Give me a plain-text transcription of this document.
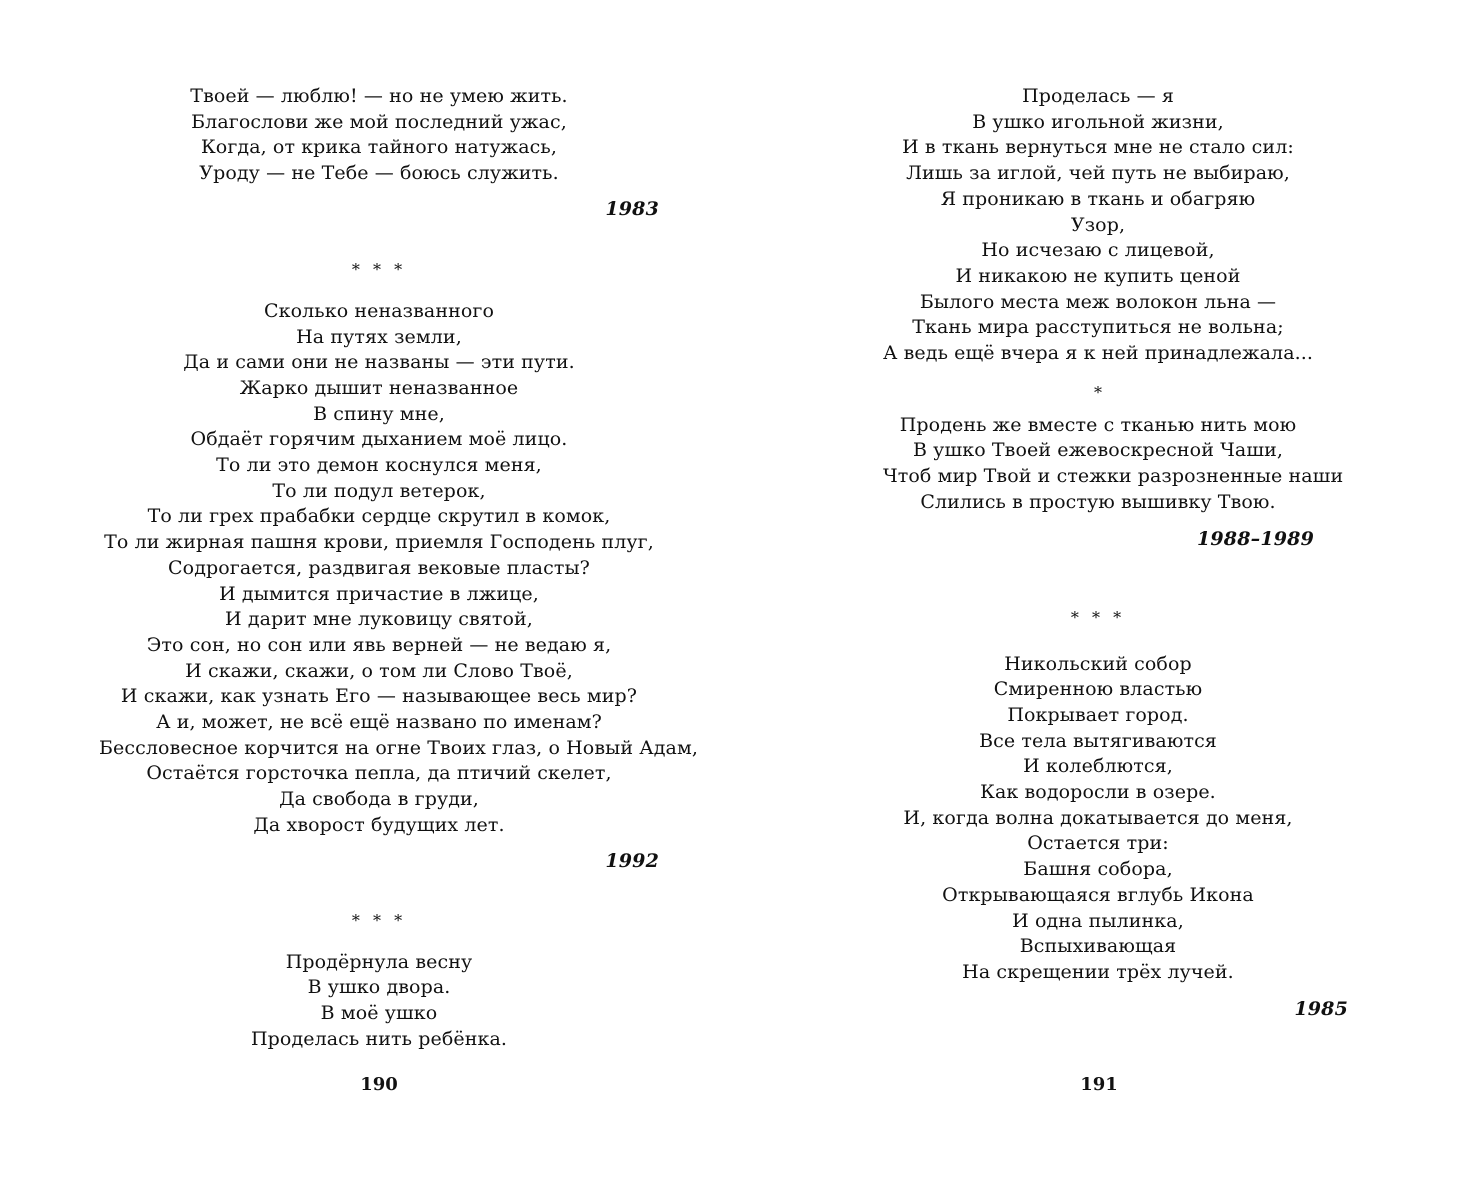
Твоей — люблю! — но не умею жить.
Благослови же мой последний ужас,
Когда, от крика тайного натужась,
Уроду — не Тебе — боюсь служить.
1983
* * *
Сколько неназванного
На путях земли,
Да и сами они не названы — эти пути.
Жарко дышит неназванное
В спину мне,
Обдаёт горячим дыханием моё лицо.
То ли это демон коснулся меня,
То ли подул ветерок,
То ли грех прабабки сердце скрутил в комок,
То ли жирная пашня крови, приемля Господень плуг,
Содрогается, раздвигая вековые пласты?
И дымится причастие в лжице,
И дарит мне луковицу святой,
Это сон, но сон или явь верней — не ведаю я,
И скажи, скажи, о том ли Слово Твоё,
И скажи, как узнать Его — называющее весь мир?
А и, может, не всё ещё названо по именам?
Бессловесное корчится на огне Твоих глаз, о Новый Адам,
Остаётся горсточка пепла, да птичий скелет,
Да свобода в груди,
Да хворост будущих лет.
1992
* * *
Продёрнула весну
В ушко двора.
В моё ушко
Проделась нить ребёнка.
190
Проделась — я
В ушко игольной жизни,
И в ткань вернуться мне не стало сил:
Лишь за иглой, чей путь не выбираю,
Я проникаю в ткань и обагряю
Узор,
Но исчезаю с лицевой,
И никакою не купить ценой
Былого места меж волокон льна —
Ткань мира расступиться не вольна;
А ведь ещё вчера я к ней принадлежала...
*
Продень же вместе с тканью нить мою
В ушко Твоей ежевоскресной Чаши,
Чтоб мир Твой и стежки разрозненные наши
Слились в простую вышивку Твою.
1988–1989
* * *
Никольский собор
Смиренною властью
Покрывает город.
Все тела вытягиваются
И колеблются,
Как водоросли в озере.
И, когда волна докатывается до меня,
Остается три:
Башня собора,
Открывающаяся вглубь Икона
И одна пылинка,
Вспыхивающая
На скрещении трёх лучей.
1985
191
